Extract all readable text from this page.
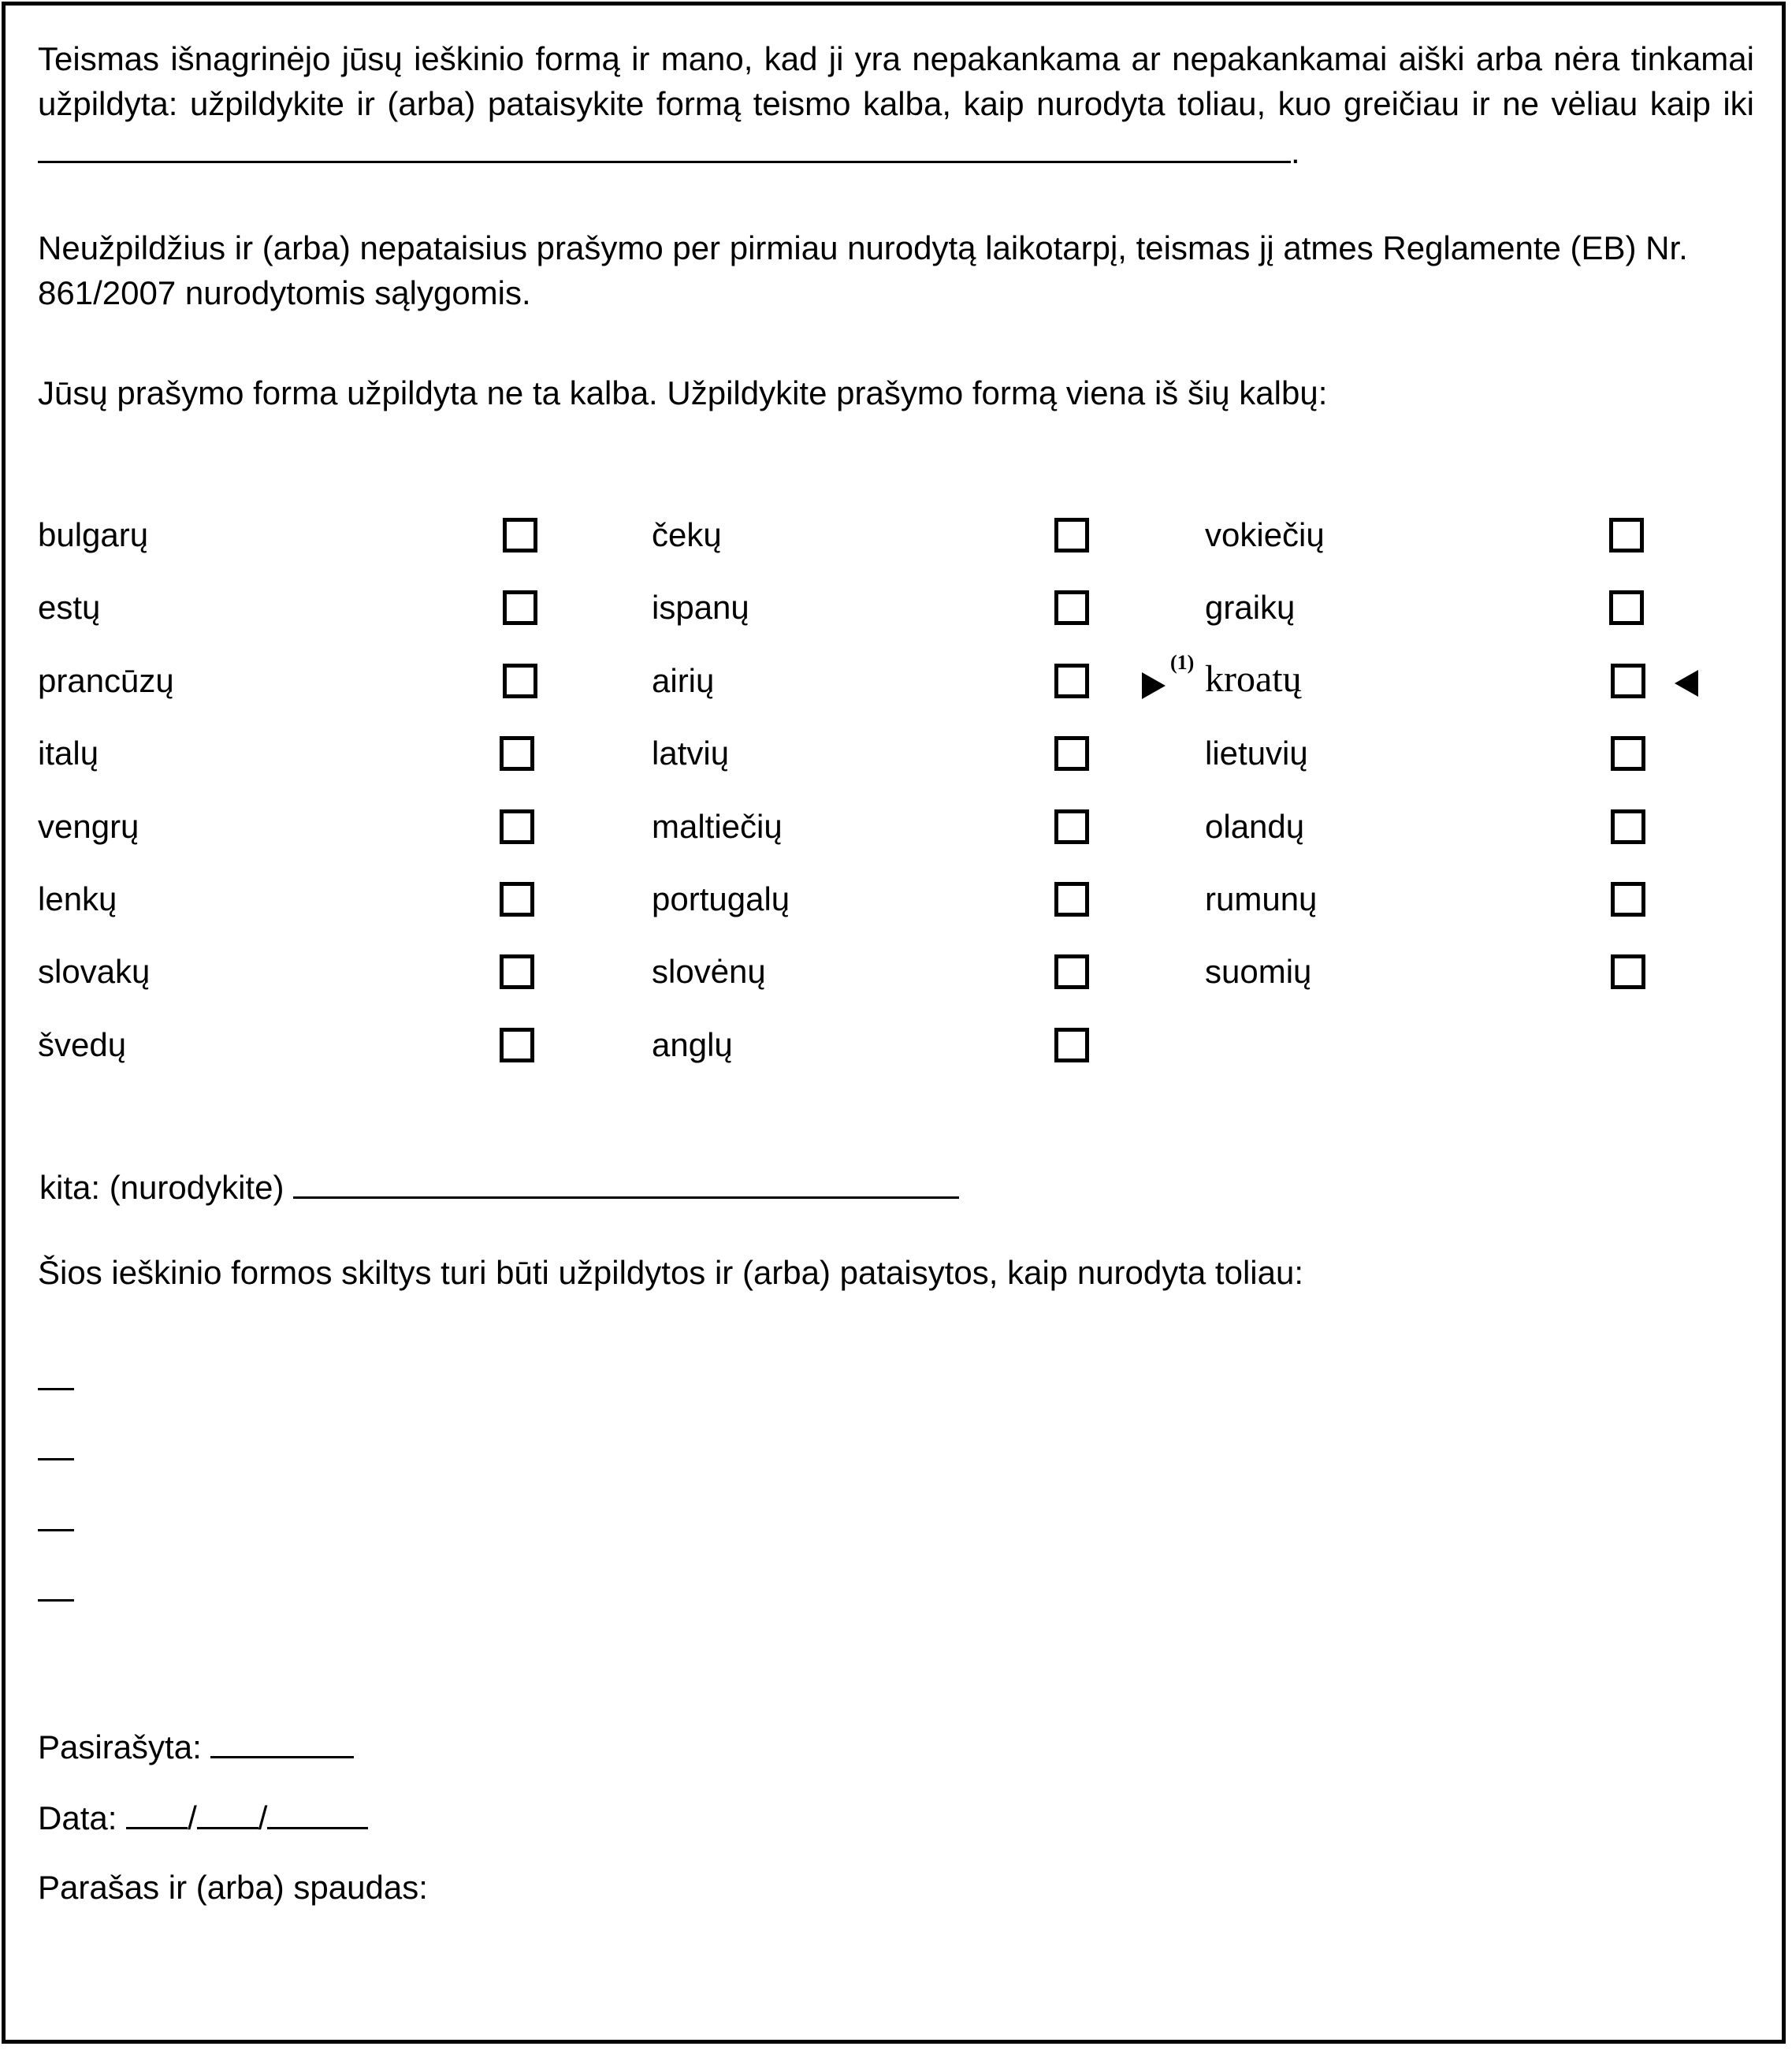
Teismas išnagrinėjo jūsų ieškinio formą ir mano, kad ji yra nepakankama ar nepakankamai aiški arba nėra tinkamai užpildyta: užpildykite ir (arba) pataisykite formą teismo kalba, kaip nurodyta toliau, kuo greičiau ir ne vėliau kaip iki .
Neužpildžius ir (arba) nepataisius prašymo per pirmiau nurodytą laikotarpį, teismas jį atmes Reglamente (EB) Nr. 861/2007 nurodytomis sąlygomis.
Jūsų prašymo forma užpildyta ne ta kalba. Užpildykite prašymo formą viena iš šių kalbų:
bulgarų
estų
prancūzų
italų
vengrų
lenkų
slovakų
švedų
čekų
ispanų
airių
latvių
maltiečių
portugalų
slovėnų
anglų
vokiečių
graikų
kroatų
lietuvių
olandų
rumunų
suomių
(1)
kita: (nurodykite)
Šios ieškinio formos skiltys turi būti užpildytos ir (arba) pataisytos, kaip nurodyta toliau:
Pasirašyta:
Data: / /
Parašas ir (arba) spaudas:
